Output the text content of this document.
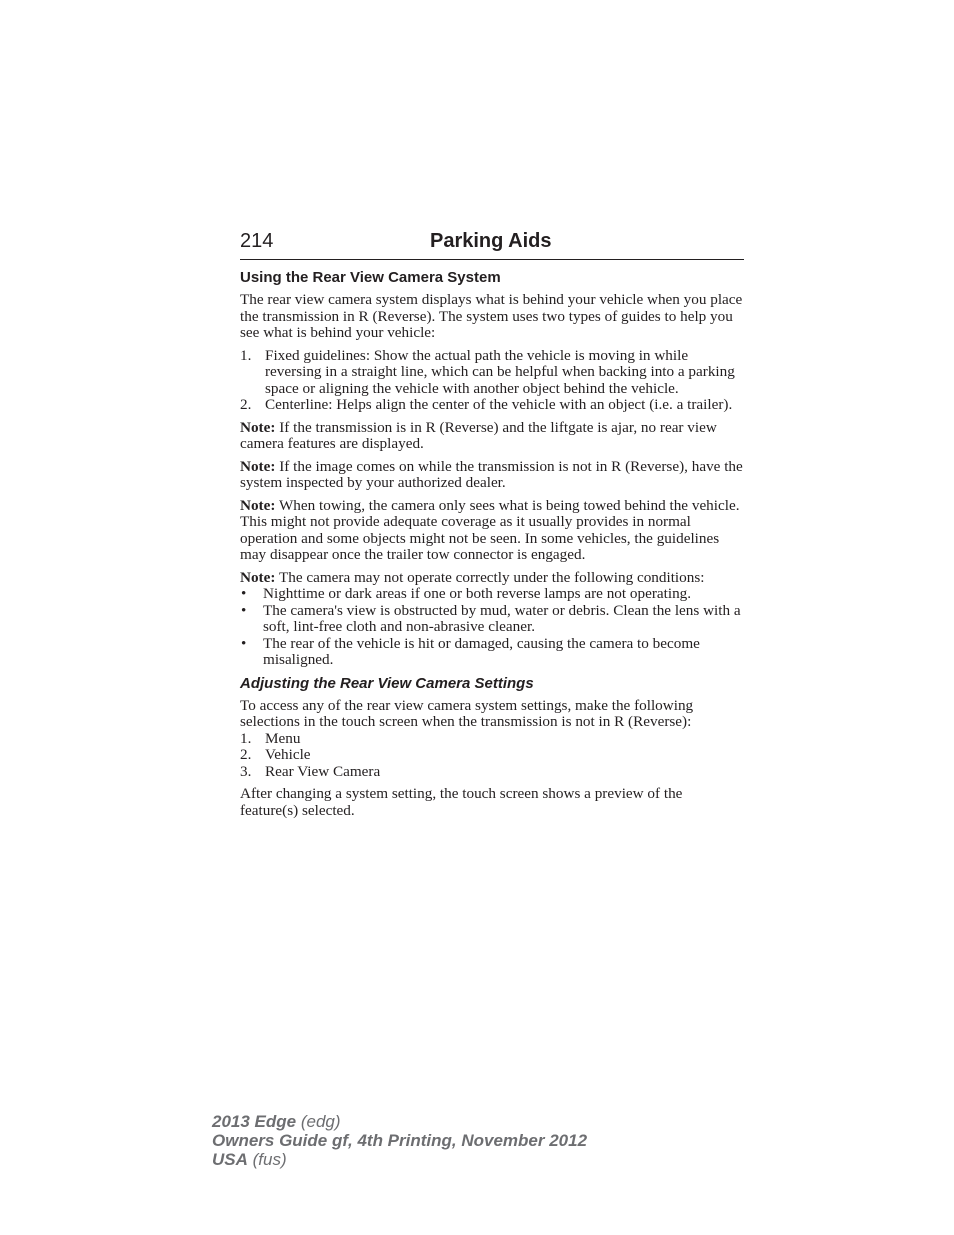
214	Parking Aids
Using the Rear View Camera System

The rear view camera system displays what is behind your vehicle when you place the transmission in R (Reverse). The system uses two types of guides to help you see what is behind your vehicle:

1. Fixed guidelines: Show the actual path the vehicle is moving in while reversing in a straight line, which can be helpful when backing into a parking space or aligning the vehicle with another object behind the vehicle.
2. Centerline: Helps align the center of the vehicle with an object (i.e. a trailer).

Note: If the transmission is in R (Reverse) and the liftgate is ajar, no rear view camera features are displayed.

Note: If the image comes on while the transmission is not in R (Reverse), have the system inspected by your authorized dealer.

Note: When towing, the camera only sees what is being towed behind the vehicle. This might not provide adequate coverage as it usually provides in normal operation and some objects might not be seen. In some vehicles, the guidelines may disappear once the trailer tow connector is engaged.

Note: The camera may not operate correctly under the following conditions:

• Nighttime or dark areas if one or both reverse lamps are not operating.
• The camera's view is obstructed by mud, water or debris. Clean the lens with a soft, lint-free cloth and non-abrasive cleaner.
• The rear of the vehicle is hit or damaged, causing the camera to become misaligned.
Adjusting the Rear View Camera Settings

To access any of the rear view camera system settings, make the following selections in the touch screen when the transmission is not in R (Reverse):

1. Menu
2. Vehicle
3. Rear View Camera

After changing a system setting, the touch screen shows a preview of the feature(s) selected.

2013 Edge (edg)
Owners Guide gf, 4th Printing, November 2012
USA (fus)
